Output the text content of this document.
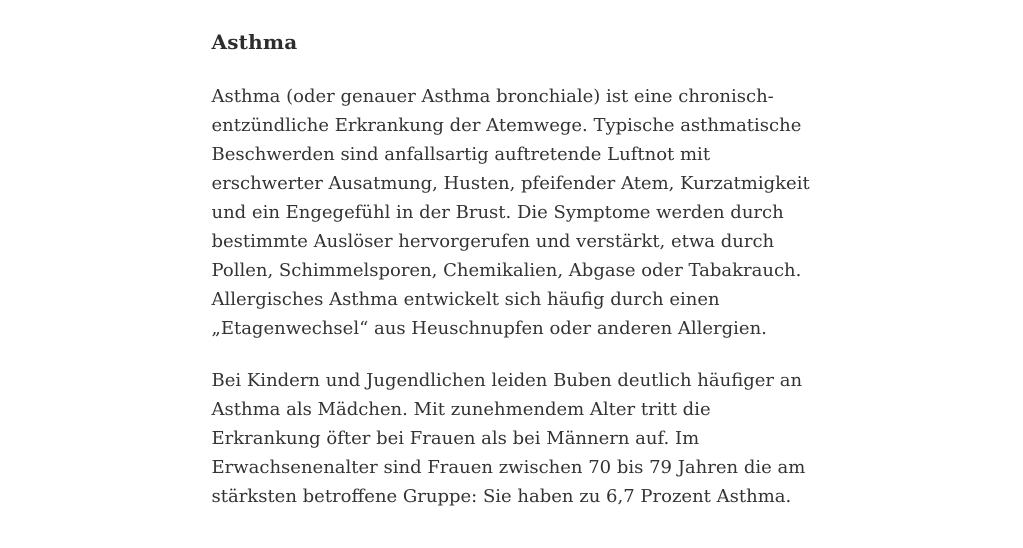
Asthma

Asthma (oder genauer Asthma bronchiale) ist eine chronisch-entzündliche Erkrankung der Atemwege. Typische asthmatische Beschwerden sind anfallsartig auftretende Luftnot mit erschwerter Ausatmung, Husten, pfeifender Atem, Kurzatmigkeit und ein Engegefühl in der Brust. Die Symptome werden durch bestimmte Auslöser hervorgerufen und verstärkt, etwa durch Pollen, Schimmelsporen, Chemikalien, Abgase oder Tabakrauch. Allergisches Asthma entwickelt sich häufig durch einen „Etagenwechsel“ aus Heuschnupfen oder anderen Allergien.

Bei Kindern und Jugendlichen leiden Buben deutlich häufiger an Asthma als Mädchen. Mit zunehmendem Alter tritt die Erkrankung öfter bei Frauen als bei Männern auf. Im Erwachsenenalter sind Frauen zwischen 70 bis 79 Jahren die am stärksten betroffene Gruppe: Sie haben zu 6,7 Prozent Asthma.
